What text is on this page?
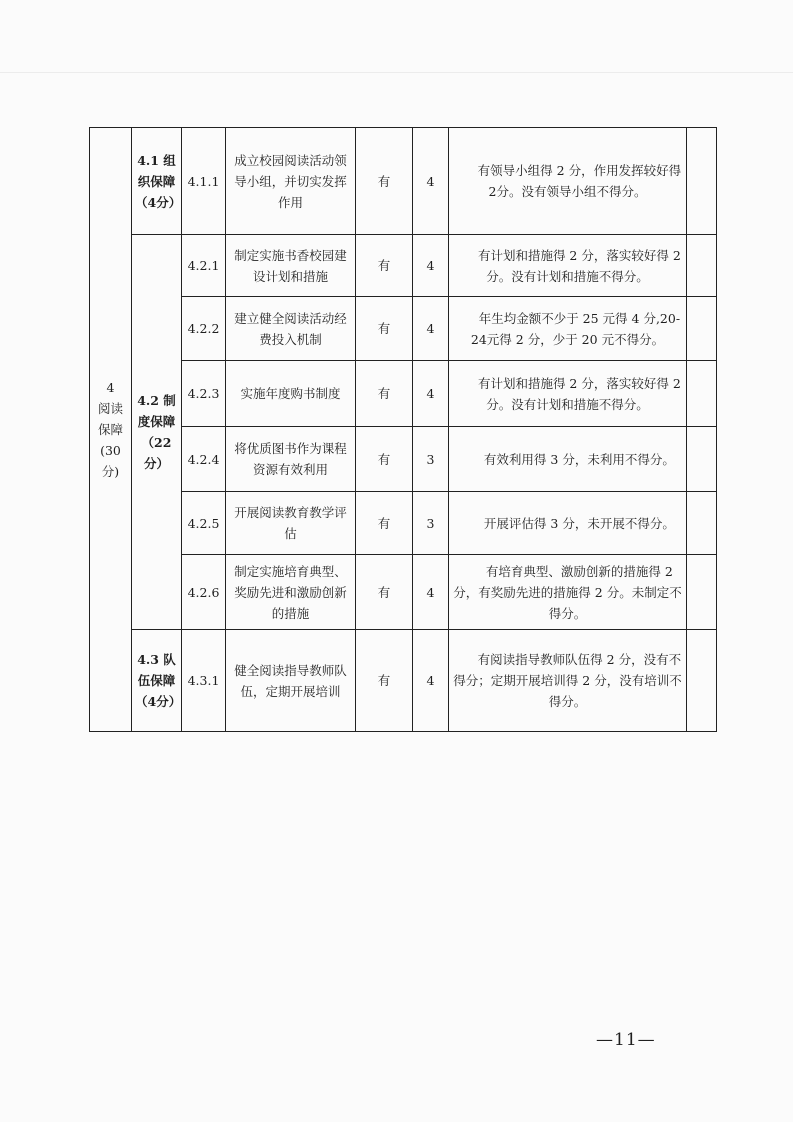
4
阅读保障
(30分)	4.1 组织保障（4分）	4.1.1	成立校园阅读活动领导小组，并切实发挥作用	有	4	有领导小组得 2 分，作用发挥较好得 2分。没有领导小组不得分。	

	4.2 制度保障（22分）	4.2.1	制定实施书香校园建设计划和措施	有	4	有计划和措施得 2 分，落实较好得 2分。没有计划和措施不得分。	

		4.2.2	建立健全阅读活动经费投入机制	有	4	年生均金额不少于 25 元得 4 分,20-24元得 2 分，少于 20 元不得分。	

		4.2.3	实施年度购书制度	有	4	有计划和措施得 2 分，落实较好得 2分。没有计划和措施不得分。	

		4.2.4	将优质图书作为课程资源有效利用	有	3	有效利用得 3 分，未利用不得分。	

		4.2.5	开展阅读教育教学评估	有	3	开展评估得 3 分，未开展不得分。	

		4.2.6	制定实施培育典型、奖励先进和激励创新的措施	有	4	有培育典型、激励创新的措施得 2分，有奖励先进的措施得 2 分。未制定不得分。	

	4.3 队伍保障（4分）	4.3.1	健全阅读指导教师队伍，定期开展培训	有	4	有阅读指导教师队伍得 2 分，没有不得分；定期开展培训得 2 分，没有培训不得分。	

—11—
